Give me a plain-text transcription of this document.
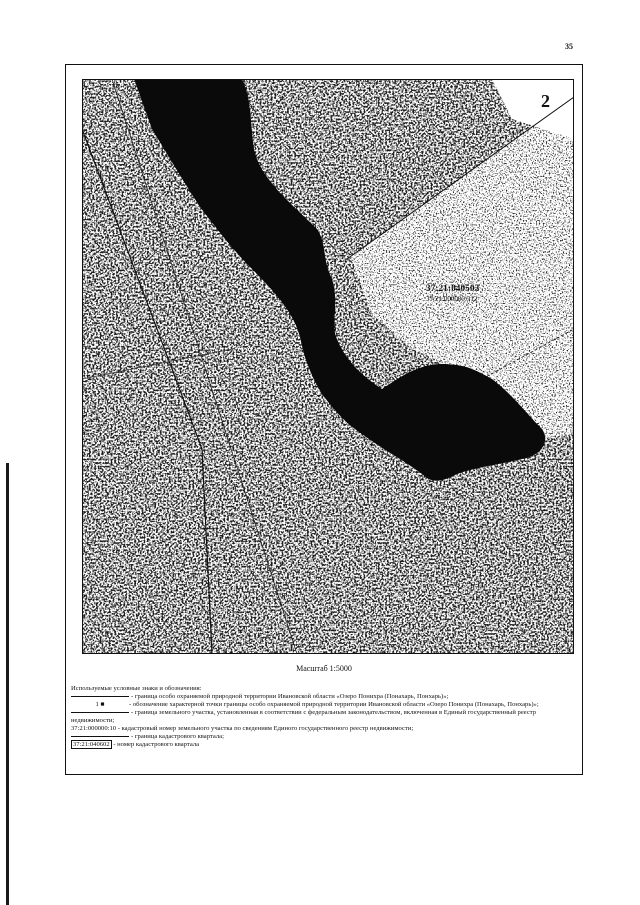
35
2
37:21:040503
37:21:000000:512
Масштаб 1:5000
Используемые условные знаки и обозначения:
- граница особо охраняемой природной территории Ивановской области «Озеро Понихра (Понахарь, Понхарь)»;
1 ■	- обозначение характерной точки границы особо охраняемой природной территории Ивановской области «Озеро Понихра (Понахарь, Понхарь)»;
- граница земельного участка, установленная в соответствии с федеральным законодательством, включенная в Единый государственный реестр недвижимости;
37:21:000000:10 - кадастровый номер земельного участка по сведениям Единого государственного реестр недвижимости;
- граница кадастрового квартала;
37:21:040602 - номер кадастрового квартала
